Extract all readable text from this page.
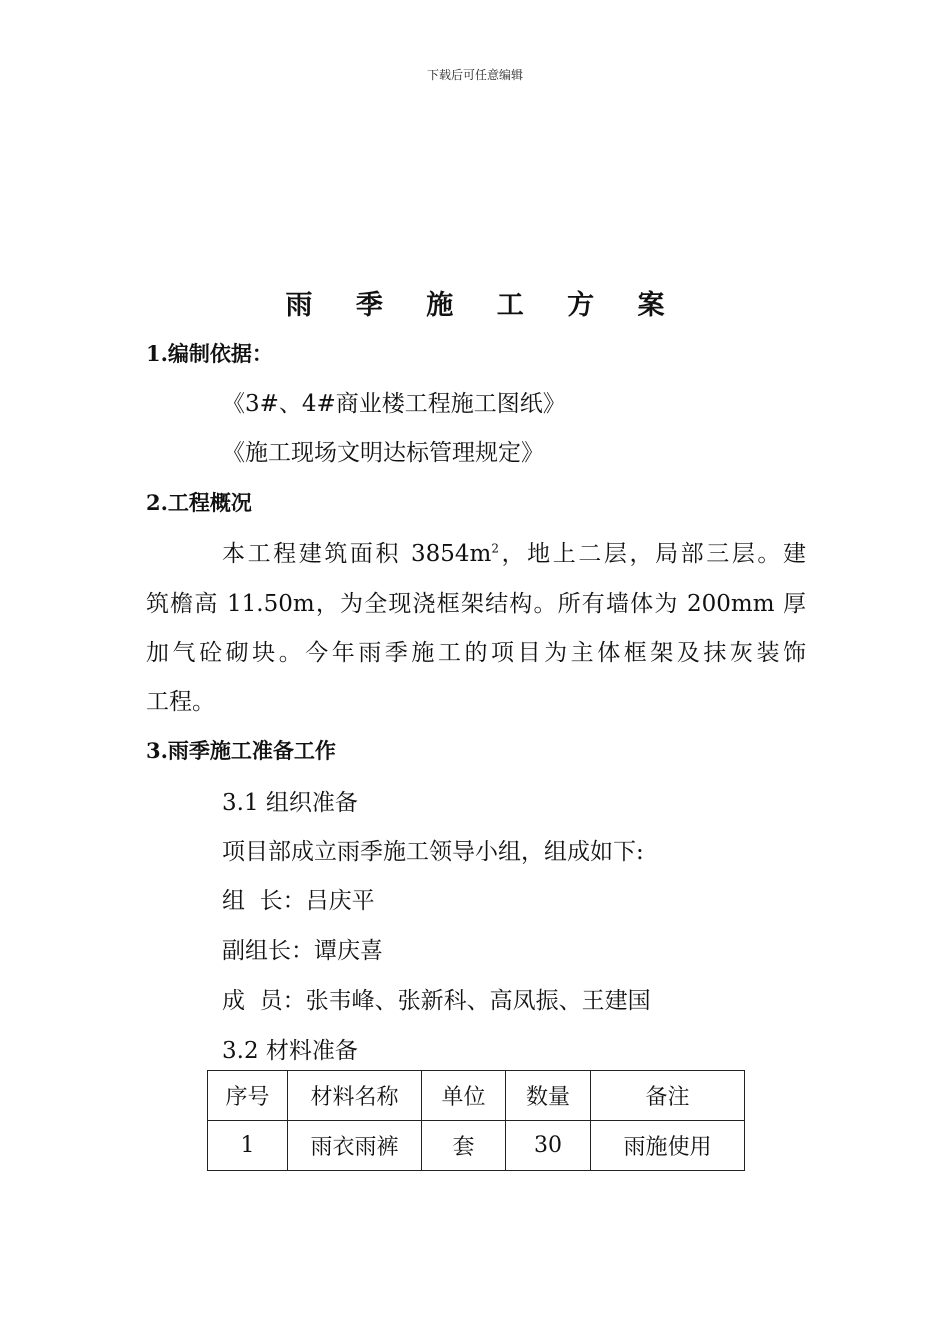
下载后可任意编辑
雨 季 施 工 方 案
1.编制依据：
《3#、4#商业楼工程施工图纸》
《施工现场文明达标管理规定》
2.工程概况
本工程建筑面积 $3854m^2$，地上二层，局部三层。建
筑檐高 11.50m，为全现浇框架结构。所有墙体为 200mm 厚
加气砼砌块。今年雨季施工的项目为主体框架及抹灰装饰
工程。
3.雨季施工准备工作
3.1 组织准备
项目部成立雨季施工领导小组，组成如下:
组  长：吕庆平
副组长：谭庆喜
成  员：张韦峰、张新科、高凤振、王建国
3.2 材料准备
序号	材料名称	单位	数量	备注
1	雨衣雨裤	套	30	雨施使用
